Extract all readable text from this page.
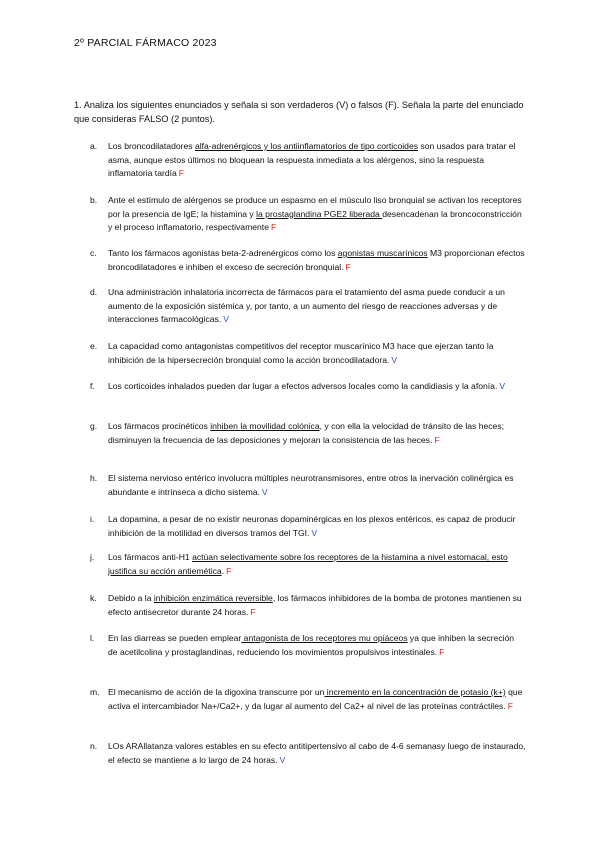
2º PARCIAL FÁRMACO 2023
1. Analiza los siguientes enunciados y señala si son verdaderos (V) o falsos (F). Señala la parte del enunciado que consideras FALSO (2 puntos).
a.	Los broncodilatadores alfa-adrenérgicos y los antiinflamatorios de tipo corticoides son usados para tratar el asma, aunque estos últimos no bloquean la respuesta inmediata a los alérgenos, sino la respuesta inflamatoria tardía F
b.	Ante el estímulo de alérgenos se produce un espasmo en el músculo liso bronquial se activan los receptores por la presencia de IgE; la histamina y la prostaglandina PGE2 liberada desencadenan la broncoconstricción y el proceso inflamatorio, respectivamente F
c.	Tanto los fármacos agonistas beta-2-adrenérgicos como los agonistas muscarínicos M3 proporcionan efectos broncodilatadores e inhiben el exceso de secreción bronquial. F
d.	Una administración inhalatoria incorrecta de fármacos para el tratamiento del asma puede conducir a un aumento de la exposición sistémica y, por tanto, a un aumento del riesgo de reacciones adversas y de interacciones farmacológicas. V
e.	La capacidad como antagonistas competitivos del receptor muscarínico M3 hace que ejerzan tanto la inhibición de la hipersecreción bronquial como la acción broncodilatadora. V
f.	Los corticoides inhalados pueden dar lugar a efectos adversos locales como la candidiasis y la afonía. V
g.	Los fármacos procinéticos inhiben la movilidad colónica, y con ella la velocidad de tránsito de las heces; disminuyen la frecuencia de las deposiciones y mejoran la consistencia de las heces. F
h.	El sistema nervioso entérico involucra múltiples neurotransmisores, entre otros la inervación colinérgica es abundante e intrínseca a dicho sistema. V
i.	La dopamina, a pesar de no existir neuronas dopaminérgicas en los plexos entéricos, es capaz de producir inhibición de la motilidad en diversos tramos del TGI. V
j.	Los fármacos anti-H1 actúan selectivamente sobre los receptores de la histamina a nivel estomacal, esto justifica su acción antiemética. F
k.	Debido a la inhibición enzimática reversible, los fármacos inhibidores de la bomba de protones mantienen su efecto antisecretor durante 24 horas. F
l.	En las diarreas se pueden emplear antagonista de los receptores mu opiáceos ya que inhiben la secreción de acetilcolina y prostaglandinas, reduciendo los movimientos propulsivos intestinales. F
m. El mecanismo de acción de la digoxina transcurre por un incremento en la concentración de potasio (k+) que activa el intercambiador Na+/Ca2+, y da lugar al aumento del Ca2+ al nivel de las proteínas contráctiles. F
n.	LOs ARAllatanza valores estables en su efecto antitipertensivo al cabo de 4-6 semanasy luego de instaurado, el efecto se mantiene a lo largo de 24 horas. V
